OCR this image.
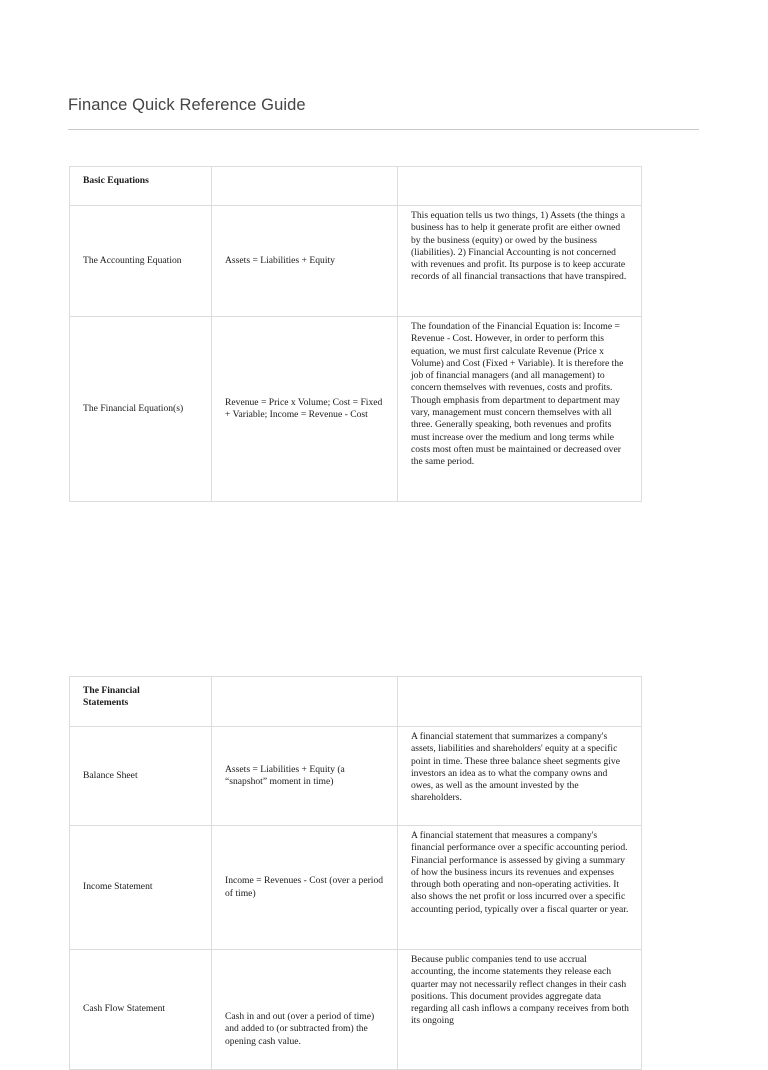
Finance Quick Reference Guide
Basic Equations		
The Accounting Equation	Assets = Liabilities + Equity	This equation tells us two things, 1) Assets (the things a business has to help it generate profit are either owned by the business (equity) or owed by the business (liabilities). 2) Financial Accounting is not concerned with revenues and profit. Its purpose is to keep accurate records of all financial transactions that have transpired.
The Financial Equation(s)	Revenue = Price x Volume; Cost = Fixed + Variable; Income = Revenue - Cost	The foundation of the Financial Equation is: Income = Revenue - Cost. However, in order to perform this equation, we must first calculate Revenue (Price x Volume) and Cost (Fixed + Variable). It is therefore the job of financial managers (and all management) to concern themselves with revenues, costs and profits. Though emphasis from department to department may vary, management must concern themselves with all three. Generally speaking, both revenues and profits must increase over the medium and long terms while costs most often must be maintained or decreased over the same period.
The Financial Statements		
Balance Sheet	Assets = Liabilities + Equity (a “snapshot” moment in time)	A financial statement that summarizes a company's assets, liabilities and shareholders' equity at a specific point in time. These three balance sheet segments give investors an idea as to what the company owns and owes, as well as the amount invested by the shareholders.
Income Statement	Income = Revenues - Cost (over a period of time)	A financial statement that measures a company's financial performance over a specific accounting period. Financial performance is assessed by giving a summary of how the business incurs its revenues and expenses through both operating and non-operating activities. It also shows the net profit or loss incurred over a specific accounting period, typically over a fiscal quarter or year.
Cash Flow Statement	Cash in and out (over a period of time) and added to (or subtracted from) the opening cash value.	Because public companies tend to use accrual accounting, the income statements they release each quarter may not necessarily reflect changes in their cash positions. This document provides aggregate data regarding all cash inflows a company receives from both its ongoing
